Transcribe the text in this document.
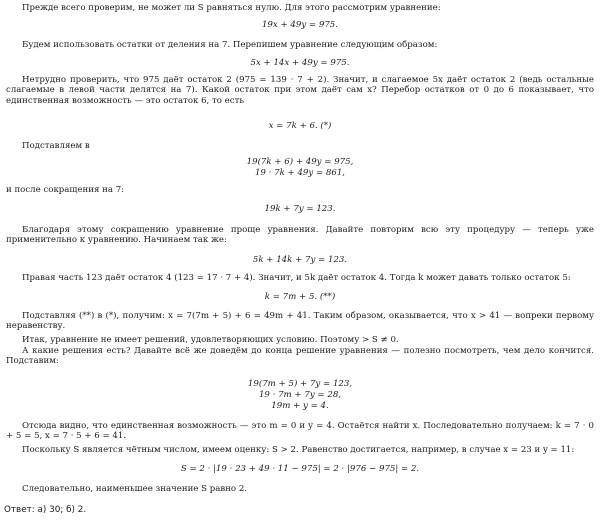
Прежде всего проверим, не может ли S равняться нулю. Для этого рассмотрим уравнение:
19x + 49y = 975.
Будем использовать остатки от деления на 7. Перепишем уравнение следующим образом:
5x + 14x + 49y = 975.
Нетрудно проверить, что 975 даёт остаток 2 (975 = 139 · 7 + 2). Значит, и слагаемое 5x даёт остаток 2 (ведь остальные слагаемые в левой части делятся на 7). Какой остаток при этом даёт сам x? Перебор остатков от 0 до 6 показывает, что единственная возможность — это остаток 6, то есть
x = 7k + 6. (*)
Подставляем в
19(7k + 6) + 49y = 975,
19 · 7k + 49y = 861,
и после сокращения на 7:
19k + 7y = 123.
Благодаря этому сокращению уравнение проще уравнения. Давайте повторим всю эту процедуру — теперь уже применительно к уравнению. Начинаем так же:
5k + 14k + 7y = 123.
Правая часть 123 даёт остаток 4 (123 = 17 · 7 + 4). Значит, и 5k даёт остаток 4. Тогда k может давать только остаток 5:
k = 7m + 5. (**)
Подставляя (**) в (*), получим: x = 7(7m + 5) + 6 = 49m + 41. Таким образом, оказывается, что x > 41 — вопреки первому неравенству.
Итак, уравнение не имеет решений, удовлетворяющих условию. Поэтому > S ≠ 0.
А какие решения есть? Давайте всё же доведём до конца решение уравнения — полезно посмотреть, чем дело кончится. Подставим:
19(7m + 5) + 7y = 123,
19 · 7m + 7y = 28,
19m + y = 4.
Отсюда видно, что единственная возможность — это m = 0 и y = 4. Остаётся найти x. Последовательно получаем: k = 7 · 0 + 5 = 5, x = 7 · 5 + 6 = 41.
Поскольку S является чётным числом, имеем оценку: S > 2. Равенство достигается, например, в случае x = 23 и y = 11:
S = 2 · |19 · 23 + 49 · 11 − 975| = 2 · |976 − 975| = 2.
Следовательно, наименьшее значение S равно 2.
Ответ: а) 30; б) 2.
